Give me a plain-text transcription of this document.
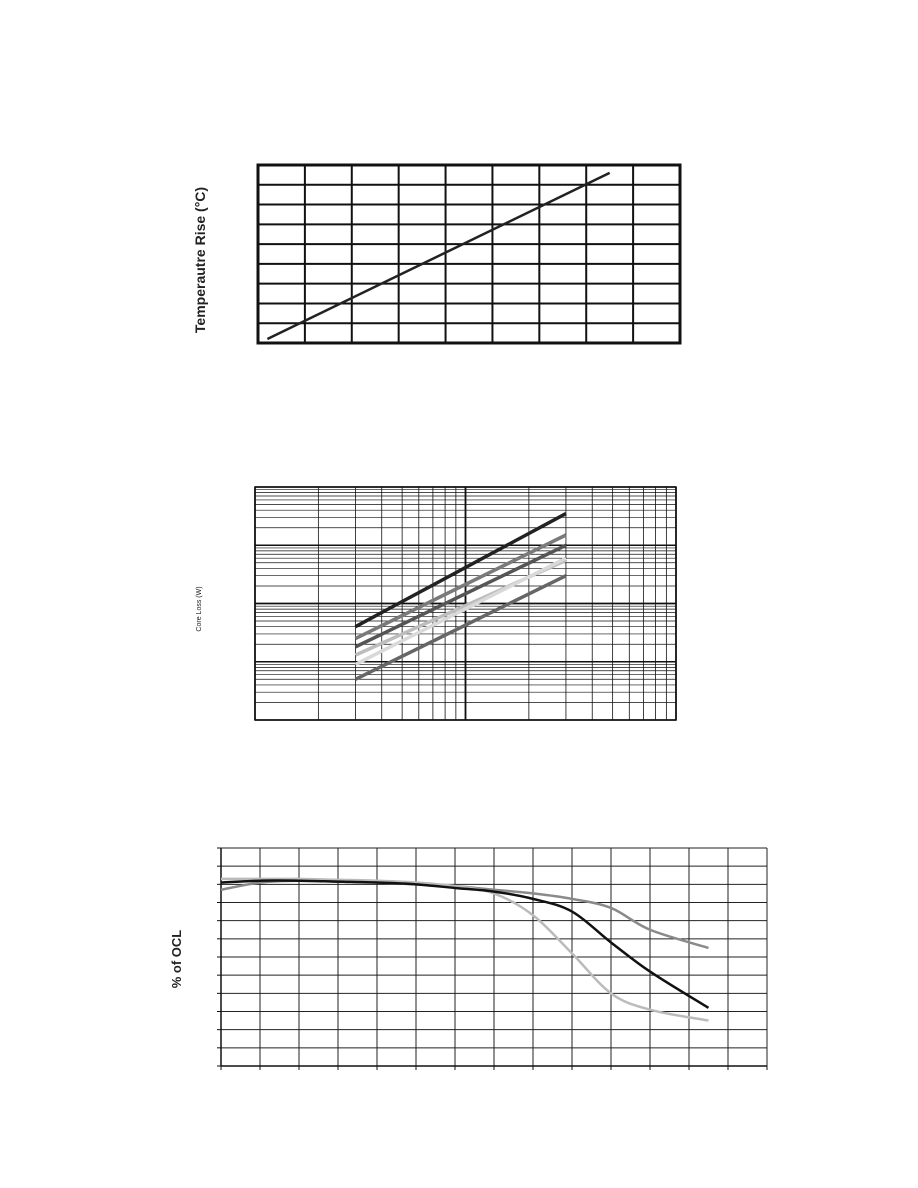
Temperautre Rise (°C)
Core Loss (W)
% of OCL
